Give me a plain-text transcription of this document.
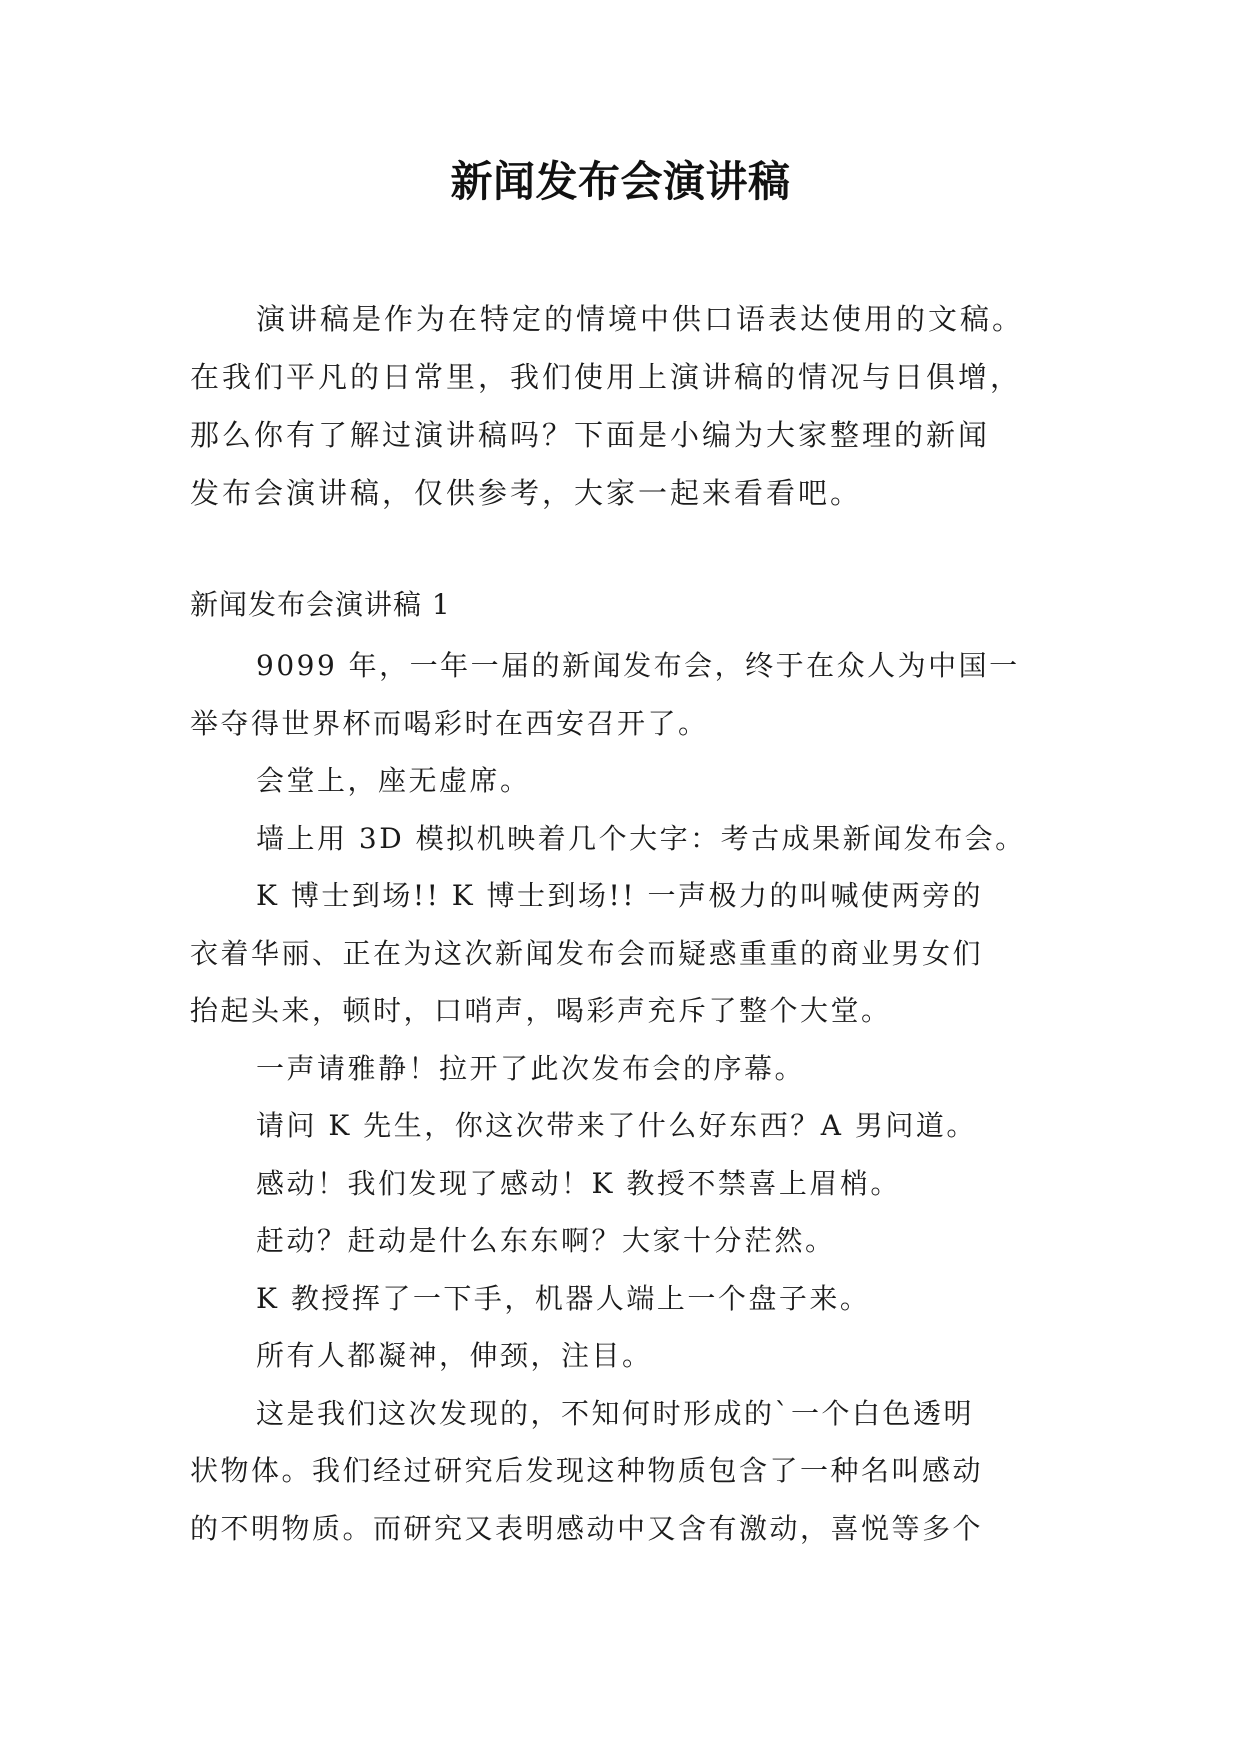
新闻发布会演讲稿
演讲稿是作为在特定的情境中供口语表达使用的文稿。
在我们平凡的日常里，我们使用上演讲稿的情况与日俱增，
那么你有了解过演讲稿吗？下面是小编为大家整理的新闻
发布会演讲稿，仅供参考，大家一起来看看吧。
新闻发布会演讲稿 1
9099 年，一年一届的新闻发布会，终于在众人为中国一
举夺得世界杯而喝彩时在西安召开了。
会堂上，座无虚席。
墙上用 3D 模拟机映着几个大字：考古成果新闻发布会。
K 博士到场!! K 博士到场!! 一声极力的叫喊使两旁的
衣着华丽、正在为这次新闻发布会而疑惑重重的商业男女们
抬起头来，顿时，口哨声，喝彩声充斥了整个大堂。
一声请雅静！拉开了此次发布会的序幕。
请问 K 先生，你这次带来了什么好东西？A 男问道。
感动！我们发现了感动！K 教授不禁喜上眉梢。
赶动？赶动是什么东东啊？大家十分茫然。
K 教授挥了一下手，机器人端上一个盘子来。
所有人都凝神，伸颈，注目。
这是我们这次发现的，不知何时形成的`一个白色透明
状物体。我们经过研究后发现这种物质包含了一种名叫感动
的不明物质。而研究又表明感动中又含有激动，喜悦等多个
